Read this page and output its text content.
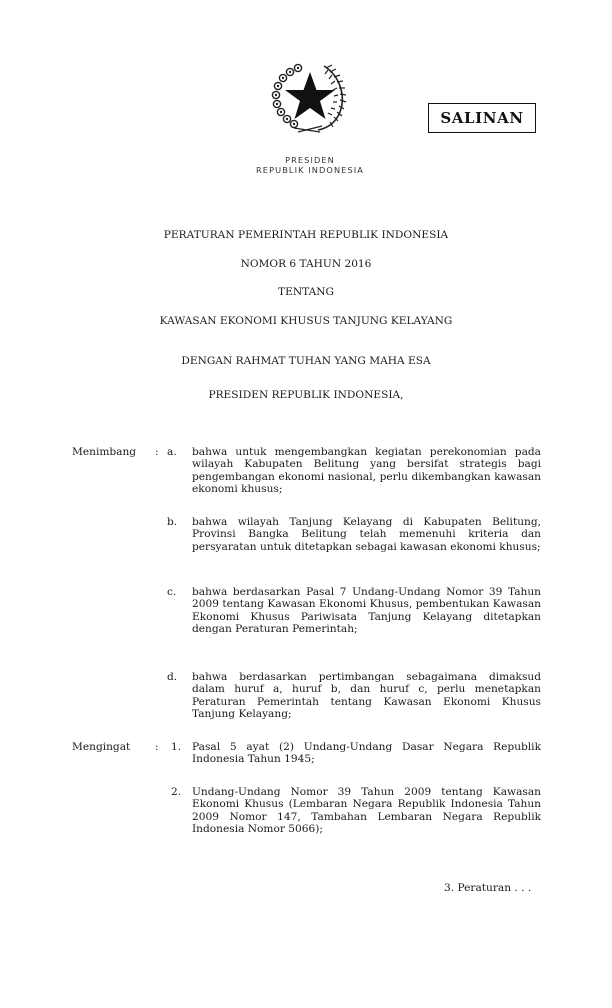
PRESIDEN
REPUBLIK INDONESIA
SALINAN
PERATURAN PEMERINTAH REPUBLIK INDONESIA
NOMOR 6 TAHUN 2016
TENTANG
KAWASAN EKONOMI KHUSUS TANJUNG KELAYANG
DENGAN RAHMAT TUHAN YANG MAHA ESA
PRESIDEN REPUBLIK INDONESIA,
Menimbang : a. bahwa untuk mengembangkan kegiatan perekonomian pada wilayah Kabupaten Belitung yang bersifat strategis bagi pengembangan ekonomi nasional, perlu dikembangkan kawasan ekonomi khusus;
b. bahwa wilayah Tanjung Kelayang di Kabupaten Belitung, Provinsi Bangka Belitung telah memenuhi kriteria dan persyaratan untuk ditetapkan sebagai kawasan ekonomi khusus;
c. bahwa berdasarkan Pasal 7 Undang-Undang Nomor 39 Tahun 2009 tentang Kawasan Ekonomi Khusus, pembentukan Kawasan Ekonomi Khusus Pariwisata Tanjung Kelayang ditetapkan dengan Peraturan Pemerintah;
d. bahwa berdasarkan pertimbangan sebagaimana dimaksud dalam huruf a, huruf b, dan huruf c, perlu menetapkan Peraturan Pemerintah tentang Kawasan Ekonomi Khusus Tanjung Kelayang;
Mengingat : 1. Pasal 5 ayat (2) Undang-Undang Dasar Negara Republik Indonesia Tahun 1945;
2. Undang-Undang Nomor 39 Tahun 2009 tentang Kawasan Ekonomi Khusus (Lembaran Negara Republik Indonesia Tahun 2009 Nomor 147, Tambahan Lembaran Negara Republik Indonesia Nomor 5066);
3. Peraturan . . .
